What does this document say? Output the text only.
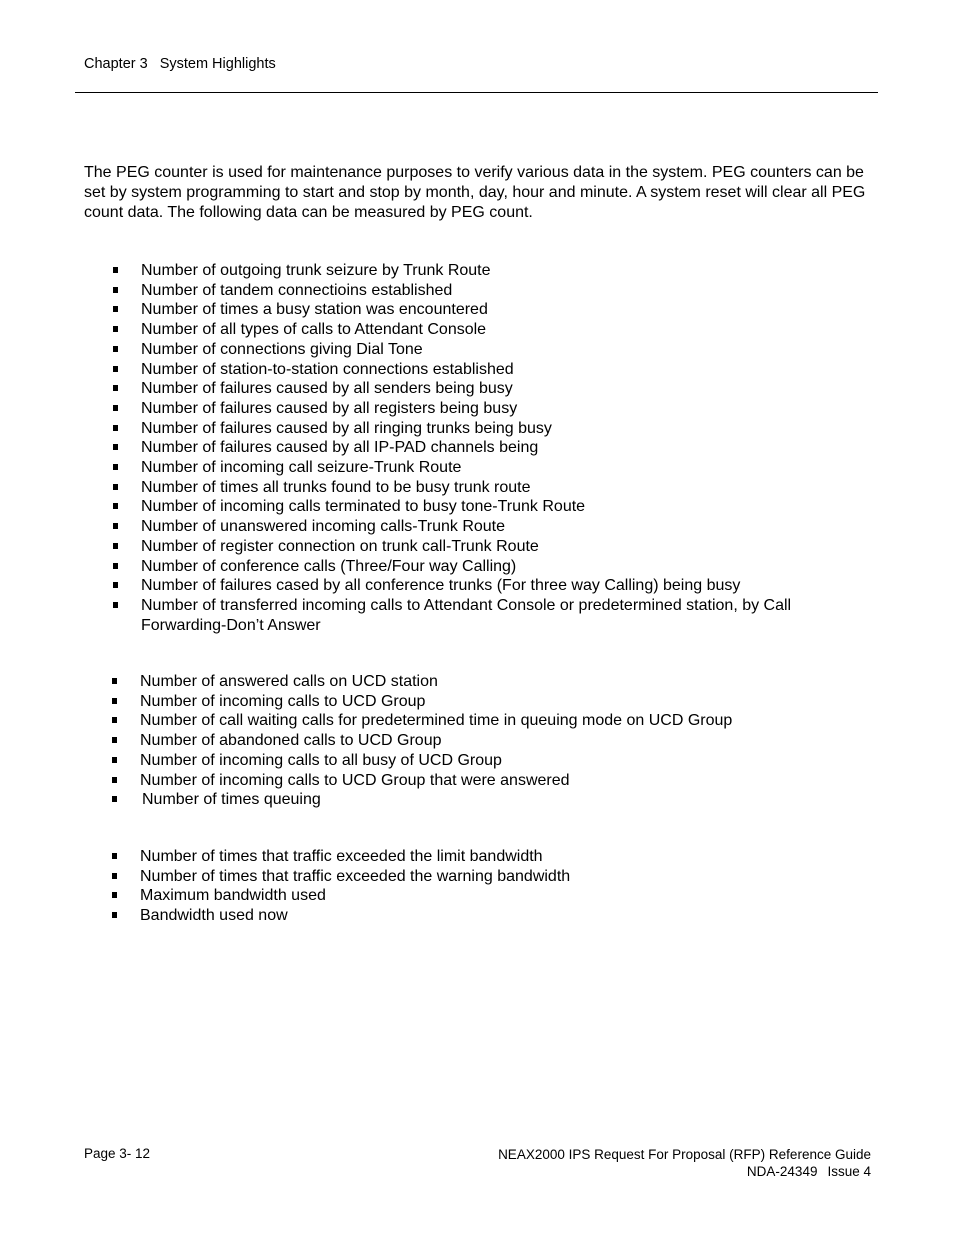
Chapter 3 System Highlights

The PEG counter is used for maintenance purposes to verify various data in the system. PEG counters can be set by system programming to start and stop by month, day, hour and minute. A system reset will clear all PEG count data. The following data can be measured by PEG count.

Number of outgoing trunk seizure by Trunk Route
Number of tandem connectioins established
Number of times a busy station was encountered
Number of all types of calls to Attendant Console
Number of connections giving Dial Tone
Number of station-to-station connections established
Number of failures caused by all senders being busy
Number of failures caused by all registers being busy
Number of failures caused by all ringing trunks being busy
Number of failures caused by all IP-PAD channels being
Number of incoming call seizure-Trunk Route
Number of times all trunks found to be busy trunk route
Number of incoming calls terminated to busy tone-Trunk Route
Number of unanswered incoming calls-Trunk Route
Number of register connection on trunk call-Trunk Route
Number of conference calls (Three/Four way Calling)
Number of failures cased by all conference trunks (For three way Calling) being busy
Number of transferred incoming calls to Attendant Console or predetermined station, by Call Forwarding-Don’t Answer
Number of answered calls on UCD station
Number of incoming calls to UCD Group
Number of call waiting calls for predetermined time in queuing mode on UCD Group
Number of abandoned calls to UCD Group
Number of incoming calls to all busy of UCD Group
Number of incoming calls to UCD Group that were answered
Number of times queuing
Number of times that traffic exceeded the limit bandwidth
Number of times that traffic exceeded the warning bandwidth
Maximum bandwidth used
Bandwidth used now
Page 3- 12	NEAX2000 IPS Request For Proposal (RFP) Reference Guide
NDA-24349 Issue 4
